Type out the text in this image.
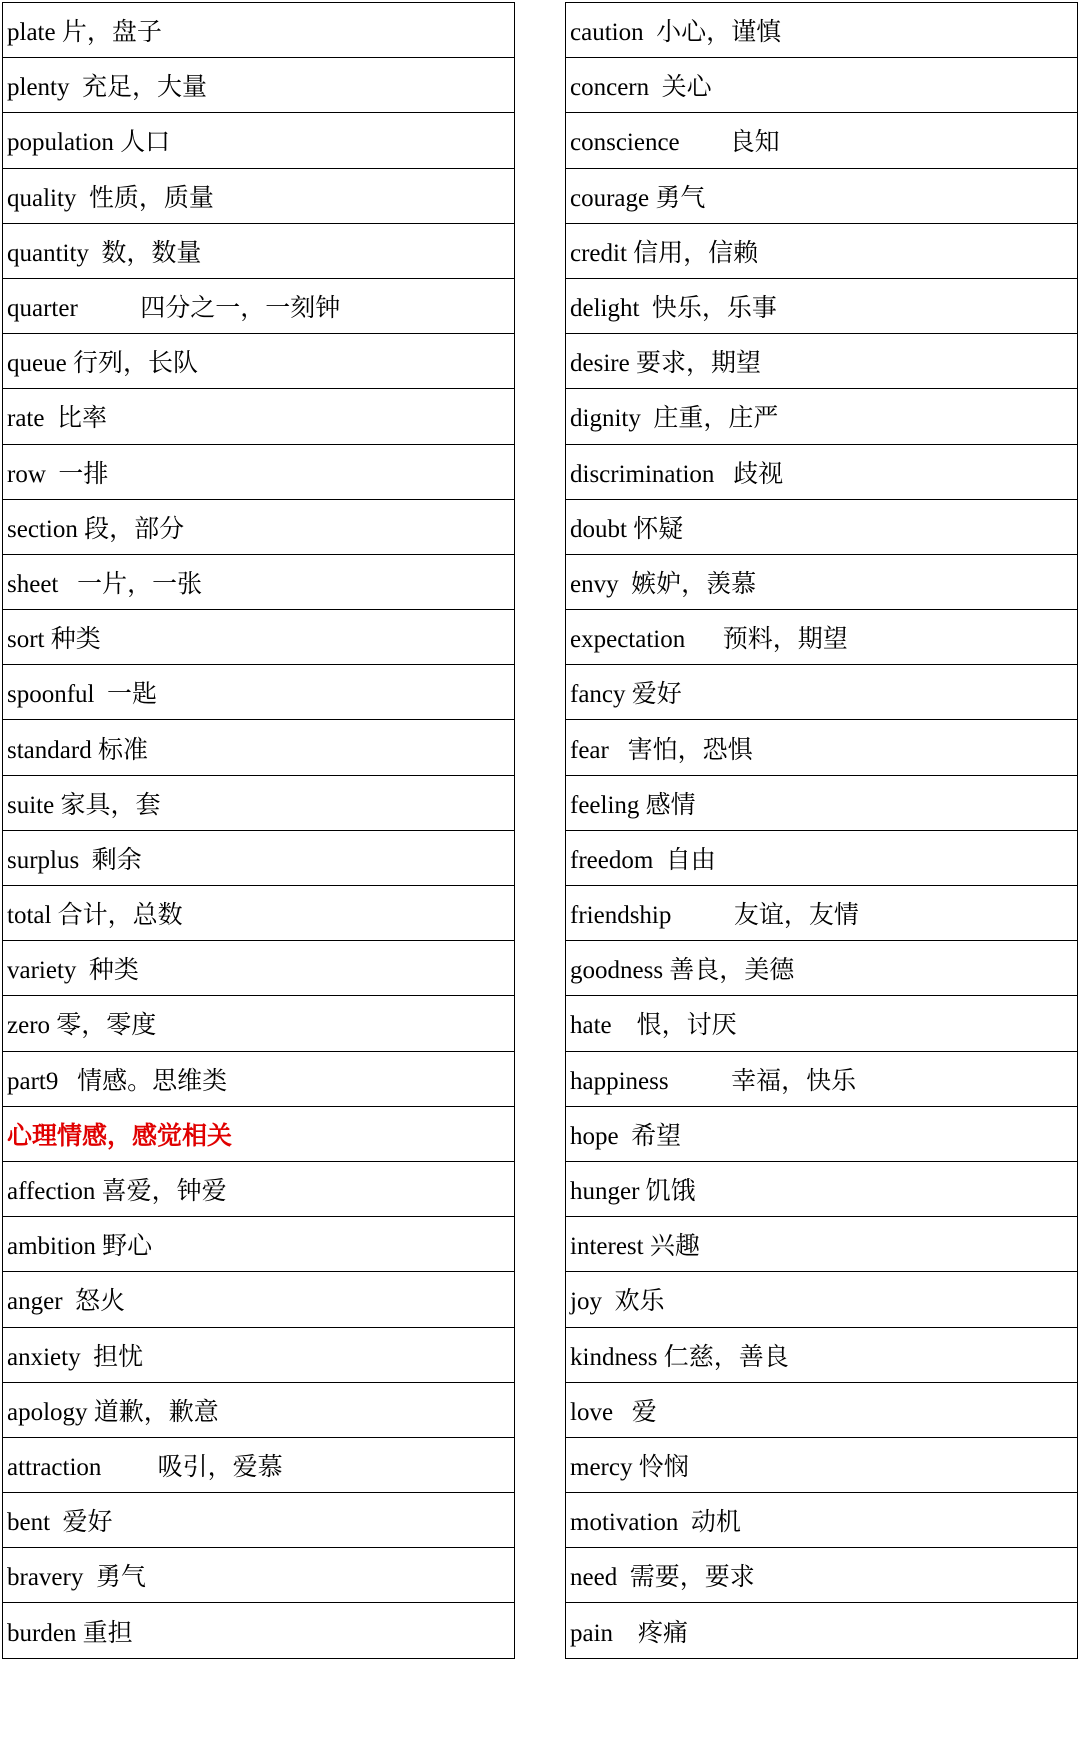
plate 片，盘子
plenty  充足，大量
population 人口
quality  性质，质量
quantity  数，数量
quarter          四分之一，一刻钟
queue 行列，长队
rate  比率
row  一排
section 段，部分
sheet   一片，一张
sort 种类
spoonful  一匙
standard 标准
suite 家具，套
surplus  剩余
total 合计，总数
variety  种类
zero 零，零度
part9   情感。思维类
心理情感，感觉相关
affection 喜爱，钟爱
ambition 野心
anger  怒火
anxiety  担忧
apology 道歉，歉意
attraction         吸引，爱慕
bent  爱好
bravery  勇气
burden 重担
caution  小心，谨慎
concern  关心
conscience        良知
courage 勇气
credit 信用，信赖
delight  快乐，乐事
desire 要求，期望
dignity  庄重，庄严
discrimination   歧视
doubt 怀疑
envy  嫉妒，羡慕
expectation      预料，期望
fancy 爱好
fear   害怕，恐惧
feeling 感情
freedom  自由
friendship          友谊，友情
goodness 善良，美德
hate    恨，讨厌
happiness          幸福，快乐
hope  希望
hunger 饥饿
interest 兴趣
joy  欢乐
kindness 仁慈，善良
love   爱
mercy 怜悯
motivation  动机
need  需要，要求
pain    疼痛
